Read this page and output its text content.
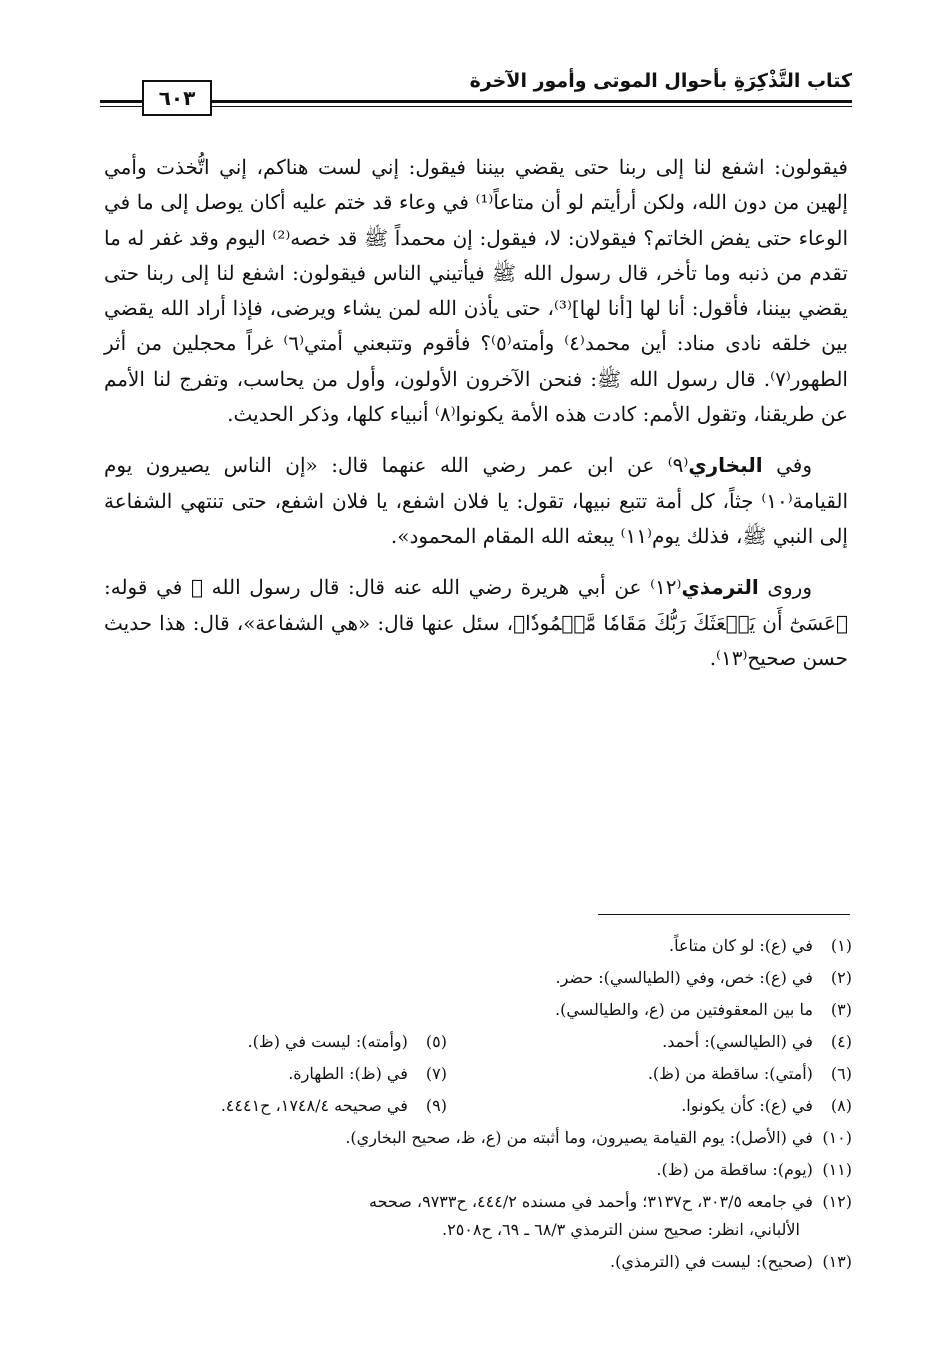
كتاب التَّذْكِرَةِ بأحوال الموتى وأمور الآخرة
٦٠٣

فيقولون: اشفع لنا إلى ربنا حتى يقضي بيننا فيقول: إني لست هناكم، إني اتُّخذت وأمي إلهين من دون الله، ولكن أرأيتم لو أن متاعاً⁽¹⁾ في وعاء قد ختم عليه أكان يوصل إلى ما في الوعاء حتى يفض الخاتم؟ فيقولان: لا، فيقول: إن محمداً ﷺ قد خصه⁽²⁾ اليوم وقد غفر له ما تقدم من ذنبه وما تأخر، قال رسول الله ﷺ فيأتيني الناس فيقولون: اشفع لنا إلى ربنا حتى يقضي بيننا، فأقول: أنا لها [أنا لها]⁽³⁾، حتى يأذن الله لمن يشاء ويرضى، فإذا أراد الله يقضي بين خلقه نادى مناد: أين محمد⁽٤⁾ وأمته⁽٥⁾؟ فأقوم وتتبعني أمتي⁽٦⁾ غراً محجلين من أثر الطهور⁽٧⁾. قال رسول الله ﷺ: فنحن الآخرون الأولون، وأول من يحاسب، وتفرج لنا الأمم عن طريقنا، وتقول الأمم: كادت هذه الأمة يكونوا⁽٨⁾ أنبياء كلها، وذكر الحديث.

وفي البخاري⁽٩⁾ عن ابن عمر رضي الله عنهما قال: «إن الناس يصيرون يوم القيامة⁽١٠⁾ جثاً، كل أمة تتبع نبيها، تقول: يا فلان اشفع، يا فلان اشفع، حتى تنتهي الشفاعة إلى النبي ﷺ، فذلك يوم⁽١١⁾ يبعثه الله المقام المحمود».

وروى الترمذي⁽١٢⁾ عن أبي هريرة رضي الله عنه قال: قال رسول الله ﷺ في قوله: ﴿عَسَىٰٓ أَن يَبۡعَثَكَ رَبُّكَ مَقَامٗا مَّحۡمُودٗا﴾، سئل عنها قال: «هي الشفاعة»، قال: هذا حديث حسن صحيح⁽١٣⁾.

(١) في (ع): لو كان متاعاً.
(٢) في (ع): خص، وفي (الطيالسي): حضر.
(٣) ما بين المعقوفتين من (ع، والطيالسي).
(٤) في (الطيالسي): أحمد.
(٥) (وأمته): ليست في (ظ).
(٦) (أمتي): ساقطة من (ظ).
(٧) في (ظ): الطهارة.
(٨) في (ع): كأن يكونوا.
(٩) في صحيحه ١٧٤٨/٤، ح٤٤٤١.
(١٠) في (الأصل): يوم القيامة يصيرون، وما أثبته من (ع، ظ، صحيح البخاري).
(١١) (يوم): ساقطة من (ظ).
(١٢) في جامعه ٣٠٣/٥، ح٣١٣٧؛ وأحمد في مسنده ٤٤٤/٢، ح٩٧٣٣، صححه
الألباني، انظر: صحيح سنن الترمذي ٦٨/٣ ـ ٦٩، ح٢٥٠٨.
(١٣) (صحيح): ليست في (الترمذي).
